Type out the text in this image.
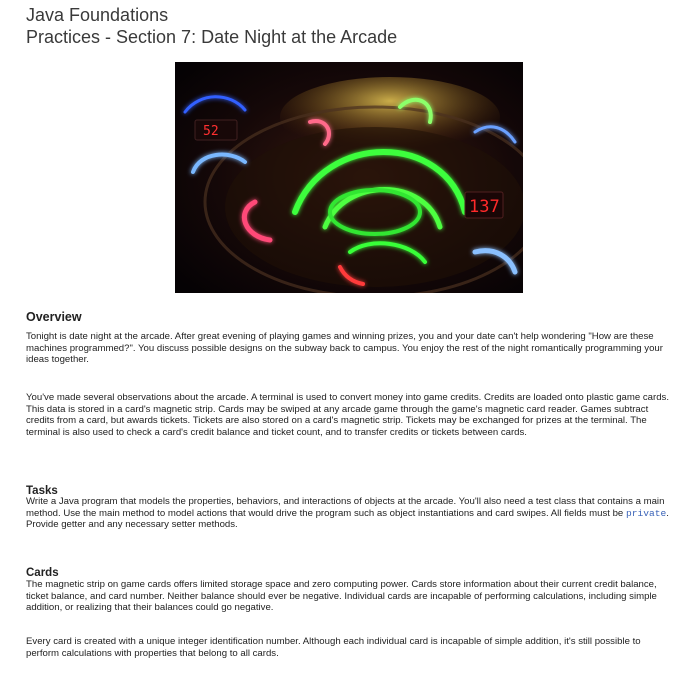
Java Foundations
Practices - Section 7: Date Night at the Arcade
52
137
Overview
Tonight is date night at the arcade. After great evening of playing games and winning prizes, you and your date can't help wondering "How are these machines programmed?". You discuss possible designs on the subway back to campus. You enjoy the rest of the night romantically programming your ideas together.
You've made several observations about the arcade. A terminal is used to convert money into game credits. Credits are loaded onto plastic game cards. This data is stored in a card's magnetic strip. Cards may be swiped at any arcade game through the game's magnetic card reader. Games subtract credits from a card, but awards tickets. Tickets are also stored on a card's magnetic strip. Tickets may be exchanged for prizes at the terminal. The terminal is also used to check a card's credit balance and ticket count, and to transfer credits or tickets between cards.
Tasks
Write a Java program that models the properties, behaviors, and interactions of objects at the arcade. You'll also need a test class that contains a main method. Use the main method to model actions that would drive the program such as object instantiations and card swipes. All fields must be private. Provide getter and any necessary setter methods.
Cards
The magnetic strip on game cards offers limited storage space and zero computing power. Cards store information about their current credit balance, ticket balance, and card number. Neither balance should ever be negative. Individual cards are incapable of performing calculations, including simple addition, or realizing that their balances could go negative.
Every card is created with a unique integer identification number. Although each individual card is incapable of simple addition, it's still possible to perform calculations with properties that belong to all cards.
